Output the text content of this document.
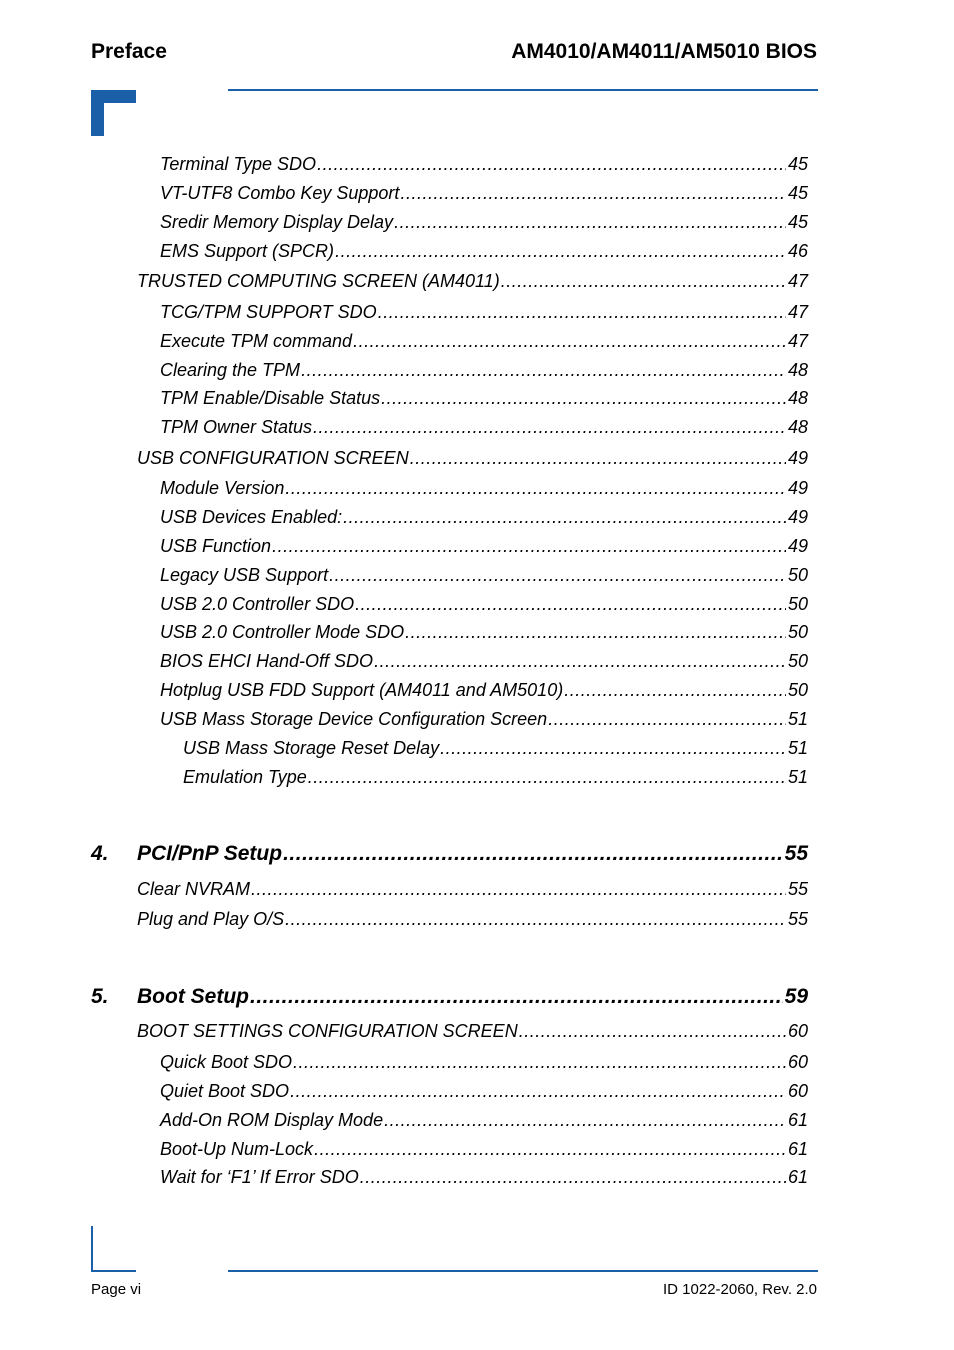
Preface	AM4010/AM4011/AM5010 BIOS
Terminal Type SDO .....	45
VT-UTF8 Combo Key Support .....	45
Sredir Memory Display Delay .....	45
EMS Support (SPCR) .....	46
TRUSTED COMPUTING SCREEN (AM4011) .....	47
TCG/TPM SUPPORT SDO .....	47
Execute TPM command .....	47
Clearing the TPM .....	48
TPM Enable/Disable Status .....	48
TPM Owner Status .....	48
USB CONFIGURATION SCREEN .....	49
Module Version .....	49
USB Devices Enabled: .....	49
USB Function .....	49
Legacy USB Support .....	50
USB 2.0 Controller SDO .....	50
USB 2.0 Controller Mode SDO .....	50
BIOS EHCI Hand-Off SDO .....	50
Hotplug USB FDD Support (AM4011 and AM5010) .....	50
USB Mass Storage Device Configuration Screen .....	51
USB Mass Storage Reset Delay .....	51
Emulation Type .....	51
4. PCI/PnP Setup .....	55
Clear NVRAM .....	55
Plug and Play O/S .....	55
5. Boot Setup .....	59
BOOT SETTINGS CONFIGURATION SCREEN .....	60
Quick Boot SDO .....	60
Quiet Boot SDO .....	60
Add-On ROM Display Mode .....	61
Boot-Up Num-Lock .....	61
Wait for ‘F1’ If Error SDO .....	61
Page vi	ID 1022-2060, Rev. 2.0
